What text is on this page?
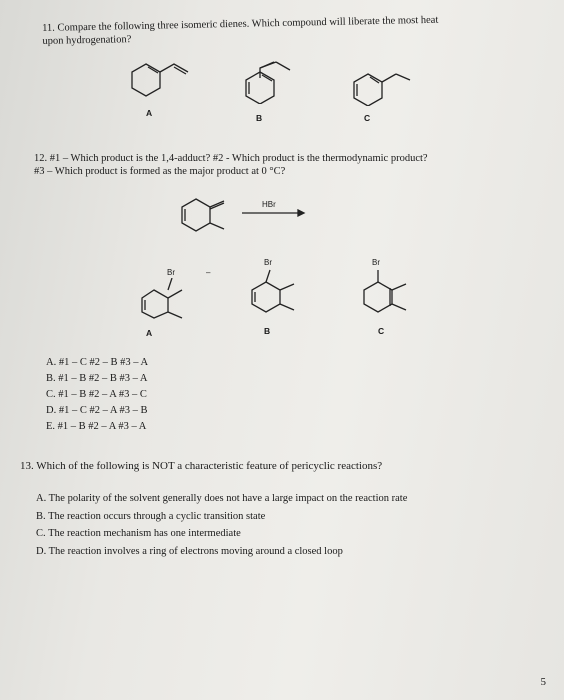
11. Compare the following three isomeric dienes. Which compound will liberate the most heat
upon hydrogenation?
A	B	C
12. #1 – Which product is the 1,4-adduct? #2 - Which product is the thermodynamic product?
#3 – Which product is formed as the major product at 0 °C?
HBr
Br	–
Br	Br
A	B	C
A. #1 – C #2 – B #3 – A
B. #1 – B #2 – B #3 – A
C. #1 – B #2 – A #3 – C
D. #1 – C #2 – A #3 – B
E. #1 – B #2 – A #3 – A
13. Which of the following is NOT a characteristic feature of pericyclic reactions?
A. The polarity of the solvent generally does not have a large impact on the reaction rate
B. The reaction occurs through a cyclic transition state
C. The reaction mechanism has one intermediate
D. The reaction involves a ring of electrons moving around a closed loop
5
